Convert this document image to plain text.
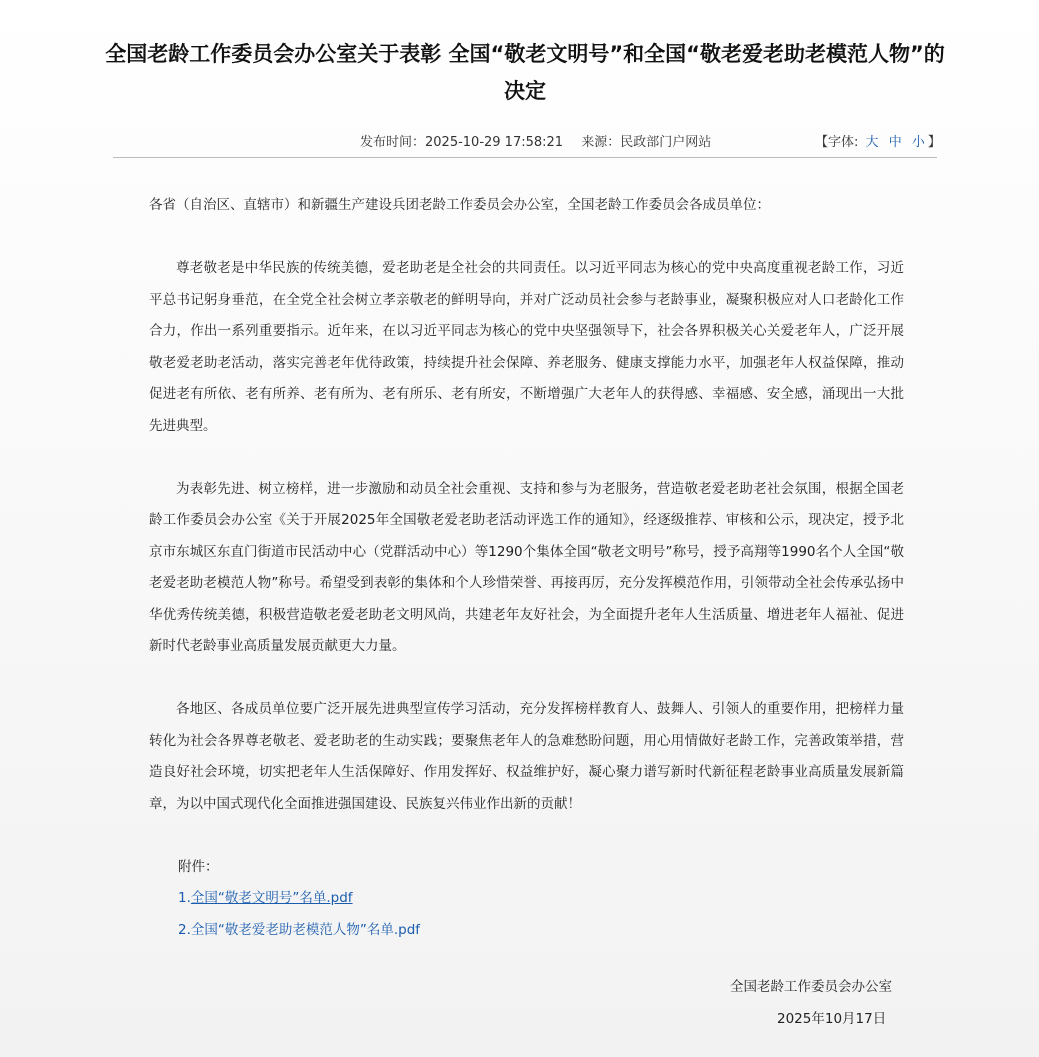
全国老龄工作委员会办公室关于表彰 全国“敬老文明号”和全国“敬老爱老助老模范人物”的决定
发布时间：2025-10-29 17:58:21 来源：民政部门户网站	【字体: 大 中 小 】

各省（自治区、直辖市）和新疆生产建设兵团老龄工作委员会办公室，全国老龄工作委员会各成员单位：

尊老敬老是中华民族的传统美德，爱老助老是全社会的共同责任。以习近平同志为核心的党中央高度重视老龄工作，习近平总书记躬身垂范，在全党全社会树立孝亲敬老的鲜明导向，并对广泛动员社会参与老龄事业，凝聚积极应对人口老龄化工作合力，作出一系列重要指示。近年来，在以习近平同志为核心的党中央坚强领导下，社会各界积极关心关爱老年人，广泛开展敬老爱老助老活动，落实完善老年优待政策，持续提升社会保障、养老服务、健康支撑能力水平，加强老年人权益保障，推动促进老有所依、老有所养、老有所为、老有所乐、老有所安，不断增强广大老年人的获得感、幸福感、安全感，涌现出一大批先进典型。

为表彰先进、树立榜样，进一步激励和动员全社会重视、支持和参与为老服务，营造敬老爱老助老社会氛围，根据全国老龄工作委员会办公室《关于开展2025年全国敬老爱老助老活动评选工作的通知》，经逐级推荐、审核和公示，现决定，授予北京市东城区东直门街道市民活动中心（党群活动中心）等1290个集体全国“敬老文明号”称号，授予高翔等1990名个人全国“敬老爱老助老模范人物”称号。希望受到表彰的集体和个人珍惜荣誉、再接再厉，充分发挥模范作用，引领带动全社会传承弘扬中华优秀传统美德，积极营造敬老爱老助老文明风尚，共建老年友好社会，为全面提升老年人生活质量、增进老年人福祉、促进新时代老龄事业高质量发展贡献更大力量。

各地区、各成员单位要广泛开展先进典型宣传学习活动，充分发挥榜样教育人、鼓舞人、引领人的重要作用，把榜样力量转化为社会各界尊老敬老、爱老助老的生动实践；要聚焦老年人的急难愁盼问题，用心用情做好老龄工作，完善政策举措，营造良好社会环境，切实把老年人生活保障好、作用发挥好、权益维护好，凝心聚力谱写新时代新征程老龄事业高质量发展新篇章，为以中国式现代化全面推进强国建设、民族复兴伟业作出新的贡献！

附件：

1.全国“敬老文明号”名单.pdf

2.全国“敬老爱老助老模范人物”名单.pdf

全国老龄工作委员会办公室
2025年10月17日
